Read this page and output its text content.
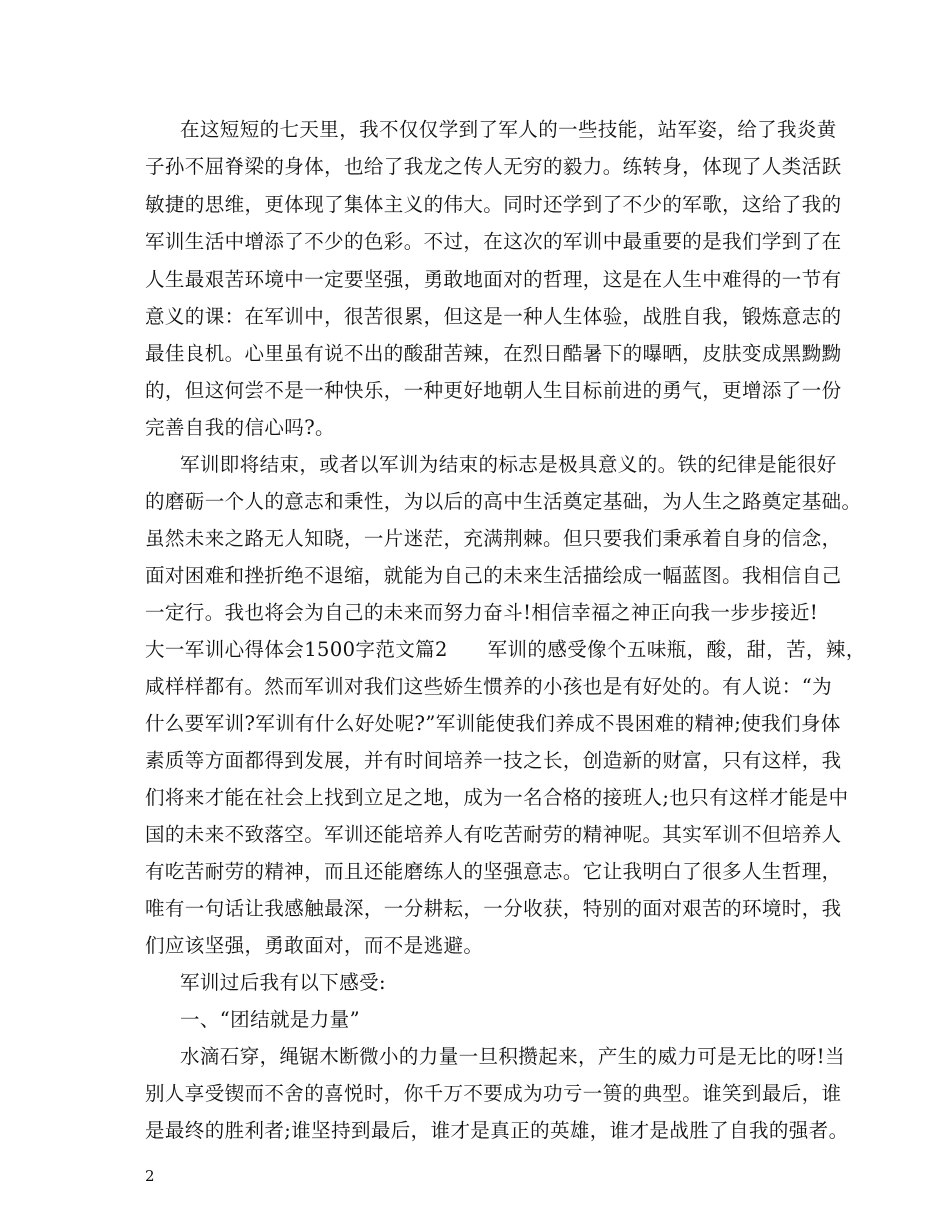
在这短短的七天里，我不仅仅学到了军人的一些技能，站军姿，给了我炎黄
子孙不屈脊梁的身体，也给了我龙之传人无穷的毅力。练转身，体现了人类活跃
敏捷的思维，更体现了集体主义的伟大。同时还学到了不少的军歌，这给了我的
军训生活中增添了不少的色彩。不过，在这次的军训中最重要的是我们学到了在
人生最艰苦环境中一定要坚强，勇敢地面对的哲理，这是在人生中难得的一节有
意义的课：在军训中，很苦很累，但这是一种人生体验，战胜自我，锻炼意志的
最佳良机。心里虽有说不出的酸甜苦辣，在烈日酷暑下的曝晒，皮肤变成黑黝黝
的，但这何尝不是一种快乐，一种更好地朝人生目标前进的勇气，更增添了一份
完善自我的信心吗?。
军训即将结束，或者以军训为结束的标志是极具意义的。铁的纪律是能很好
的磨砺一个人的意志和秉性，为以后的高中生活奠定基础，为人生之路奠定基础。
虽然未来之路无人知晓，一片迷茫，充满荆棘。但只要我们秉承着自身的信念，
面对困难和挫折绝不退缩，就能为自己的未来生活描绘成一幅蓝图。我相信自己
一定行。我也将会为自己的未来而努力奋斗!相信幸福之神正向我一步步接近!
大一军训心得体会1500字范文篇2　　军训的感受像个五味瓶，酸，甜，苦，辣，
咸样样都有。然而军训对我们这些娇生惯养的小孩也是有好处的。有人说：“为
什么要军训?军训有什么好处呢?”军训能使我们养成不畏困难的精神;使我们身体
素质等方面都得到发展，并有时间培养一技之长，创造新的财富，只有这样，我
们将来才能在社会上找到立足之地，成为一名合格的接班人;也只有这样才能是中
国的未来不致落空。军训还能培养人有吃苦耐劳的精神呢。其实军训不但培养人
有吃苦耐劳的精神，而且还能磨练人的坚强意志。它让我明白了很多人生哲理，
唯有一句话让我感触最深，一分耕耘，一分收获，特别的面对艰苦的环境时，我
们应该坚强，勇敢面对，而不是逃避。
军训过后我有以下感受:
一、“团结就是力量”
水滴石穿，绳锯木断微小的力量一旦积攒起来，产生的威力可是无比的呀!当
别人享受锲而不舍的喜悦时，你千万不要成为功亏一篑的典型。谁笑到最后，谁
是最终的胜利者;谁坚持到最后，谁才是真正的英雄，谁才是战胜了自我的强者。
2
